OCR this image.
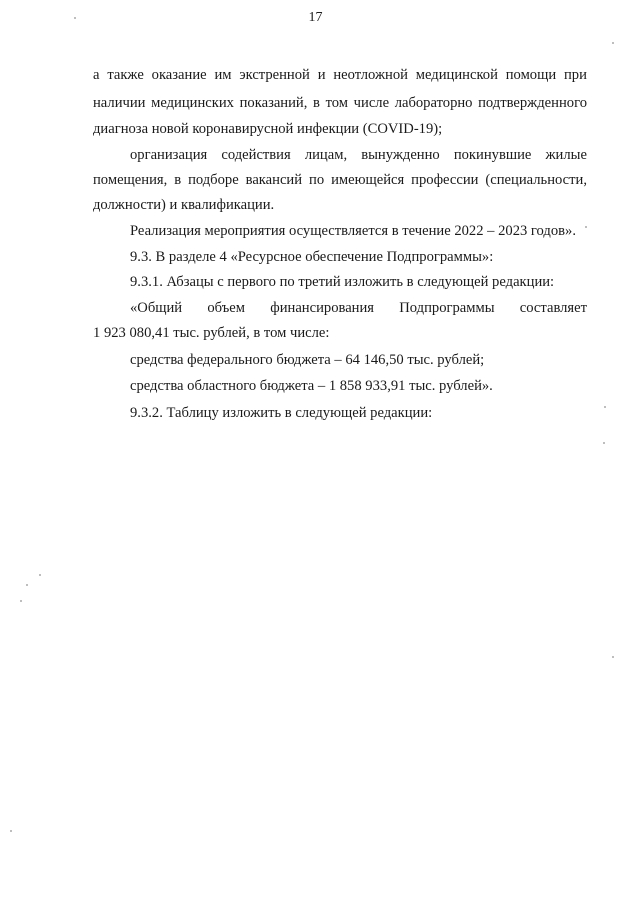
17
а также оказание им экстренной и неотложной медицинской помощи при
наличии медицинских показаний, в том числе лабораторно подтвержденного
диагноза новой коронавирусной инфекции (COVID-19);
организация содействия лицам, вынужденно покинувшие жилые
помещения, в подборе вакансий по имеющейся профессии (специальности,
должности) и квалификации.
Реализация мероприятия осуществляется в течение 2022 – 2023 годов».
9.3. В разделе 4 «Ресурсное обеспечение Подпрограммы»:
9.3.1. Абзацы с первого по третий изложить в следующей редакции:
«Общий объем финансирования Подпрограммы составляет
1 923 080,41 тыс. рублей, в том числе:
средства федерального бюджета – 64 146,50 тыс. рублей;
средства областного бюджета – 1 858 933,91 тыс. рублей».
9.3.2. Таблицу изложить в следующей редакции:
